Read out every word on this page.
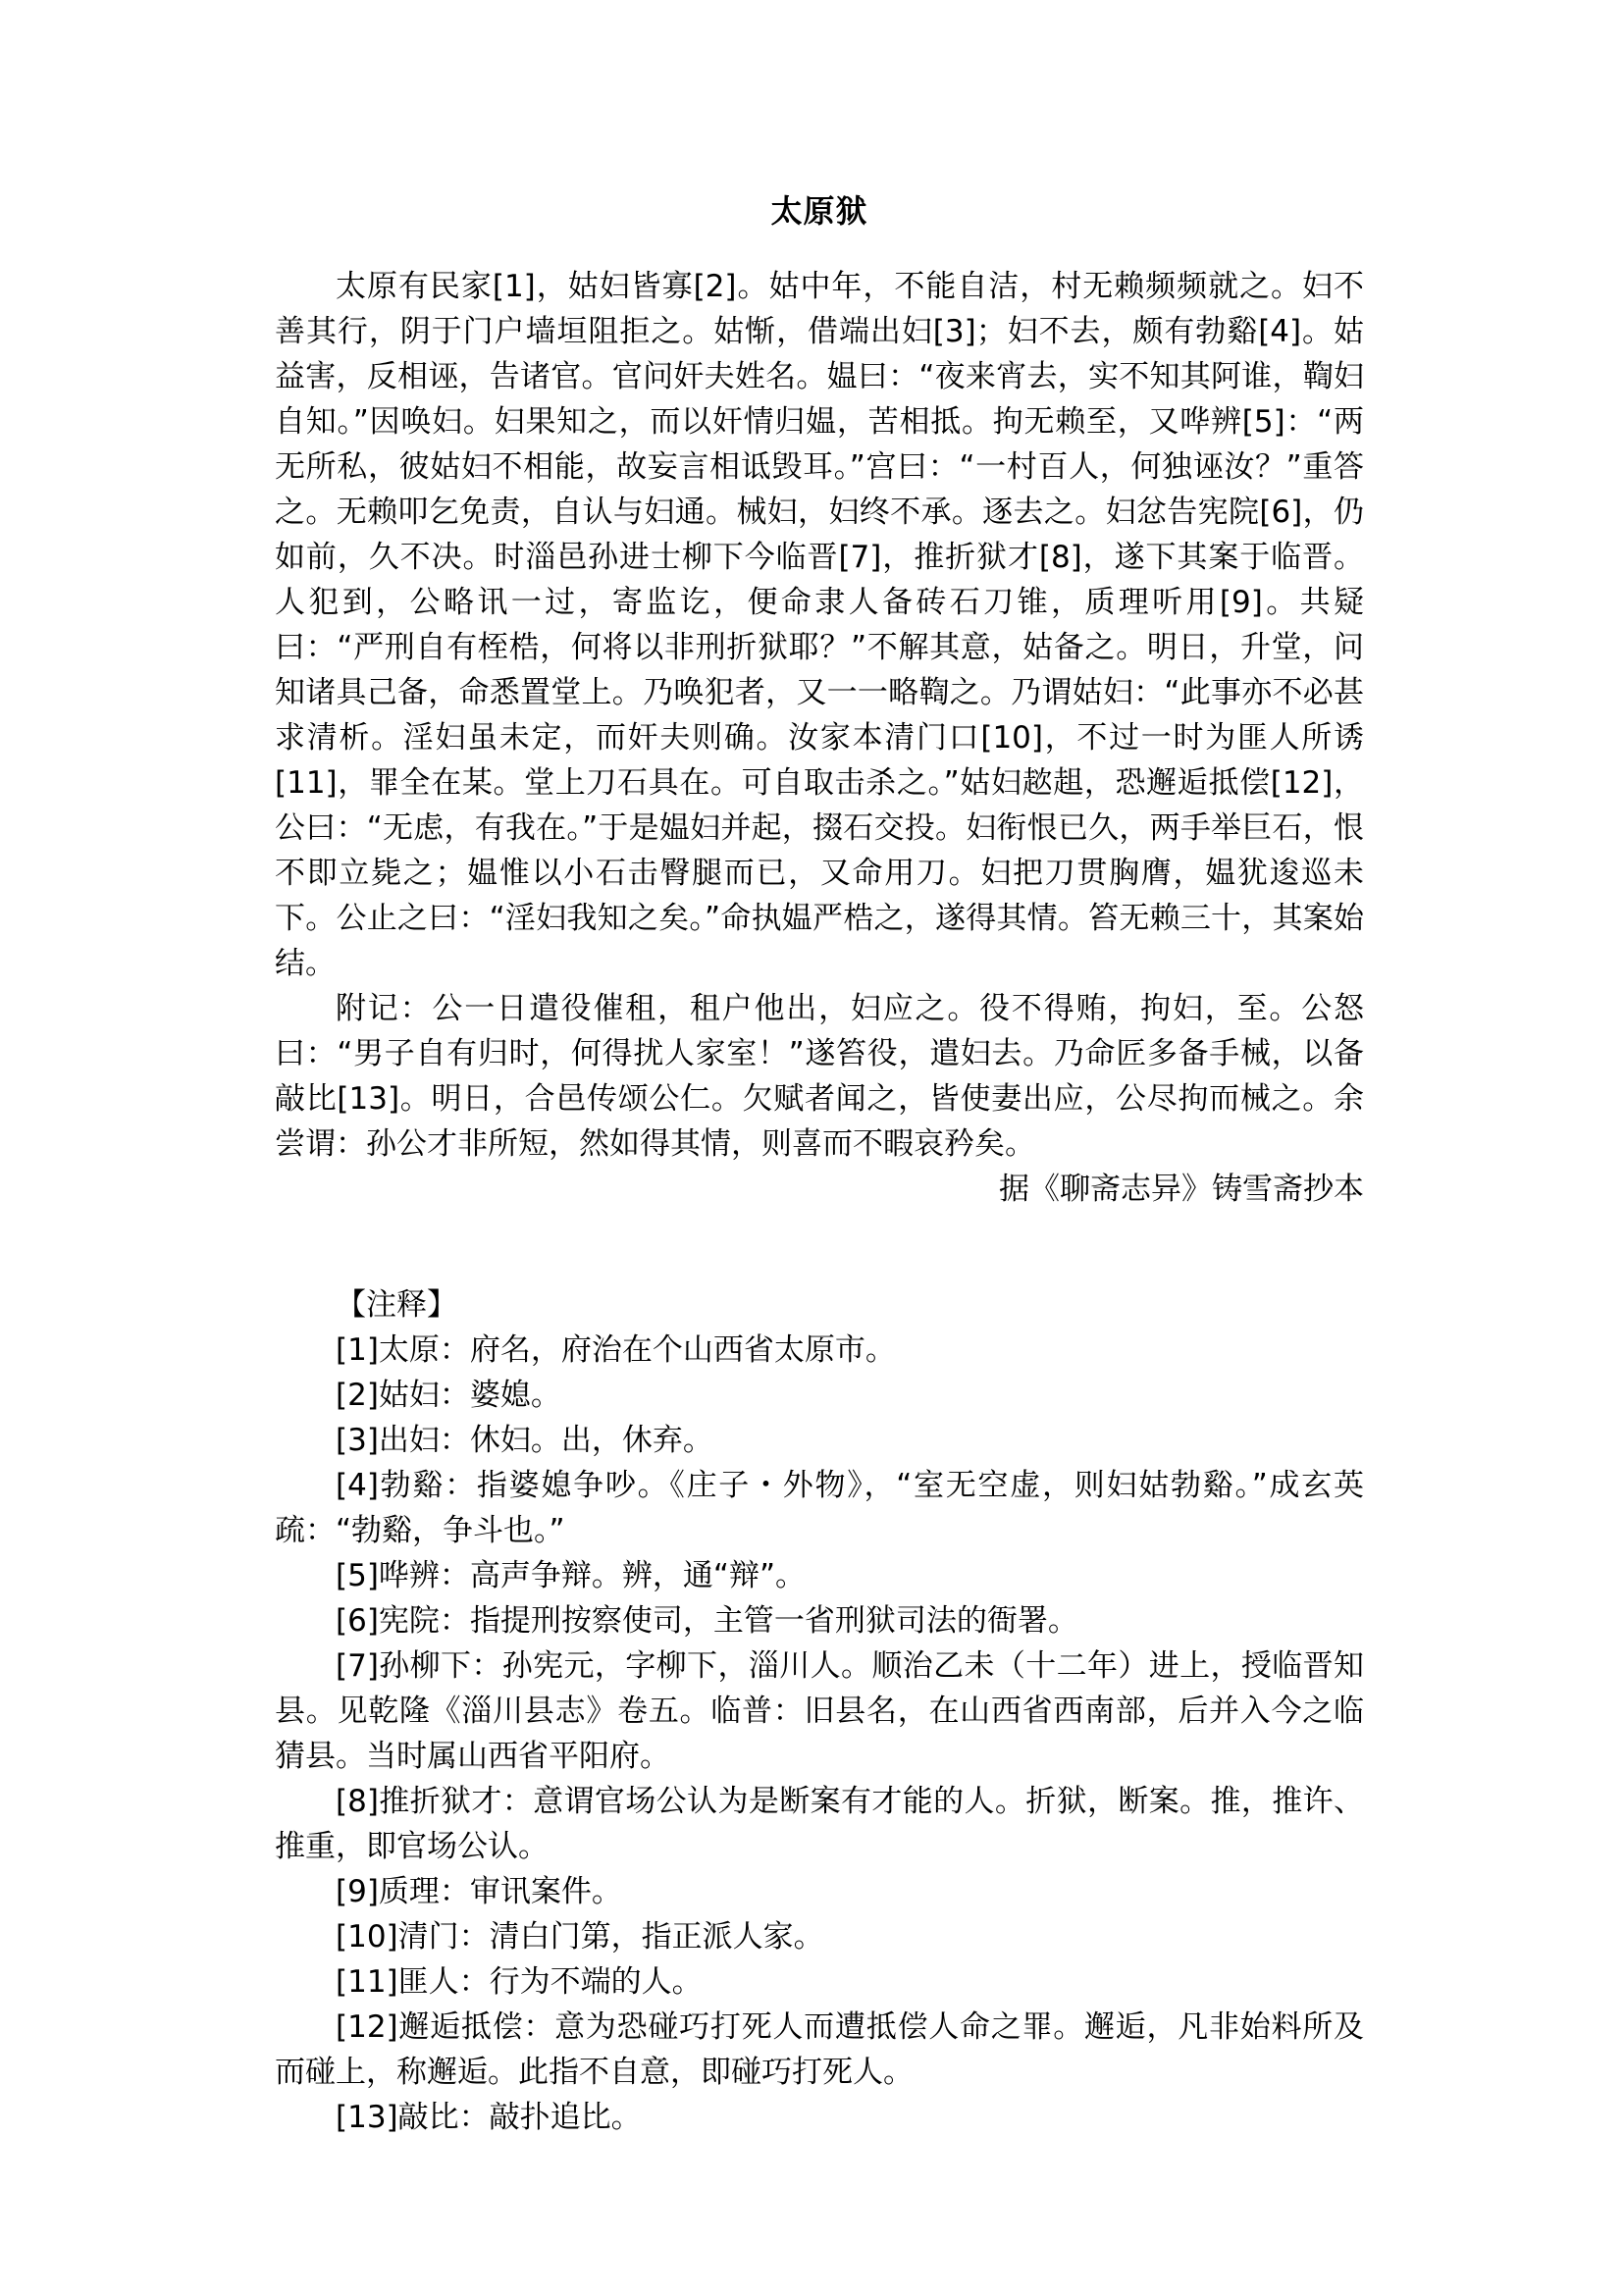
太原狱

太原有民家[1]，姑妇皆寡[2]。姑中年，不能自洁，村无赖频频就之。妇不善其行，阴于门户墙垣阻拒之。姑惭，借端出妇[3]；妇不去，颇有勃谿[4]。姑益害，反相诬，告诸官。官问奸夫姓名。媪曰：“夜来宵去，实不知其阿谁，鞫妇自知。”因唤妇。妇果知之，而以奸情归媪，苦相抵。拘无赖至，又哗辨[5]：“两无所私，彼姑妇不相能，故妄言相诋毁耳。”宫曰：“一村百人，何独诬汝？”重答之。无赖叩乞免责，自认与妇通。械妇，妇终不承。逐去之。妇忿告宪院[6]，仍如前，久不决。时淄邑孙进士柳下今临晋[7]，推折狱才[8]，遂下其案于临晋。人犯到，公略讯一过，寄监讫，便命隶人备砖石刀锥，质理听用[9]。共疑曰：“严刑自有桎梏，何将以非刑折狱耶？”不解其意，姑备之。明日，升堂，问知诸具己备，命悉置堂上。乃唤犯者，又一一略鞫之。乃谓姑妇：“此事亦不必甚求清析。淫妇虽未定，而奸夫则确。汝家本清门口[10]，不过一时为匪人所诱[11]，罪全在某。堂上刀石具在。可自取击杀之。”姑妇趑趄，恐邂逅抵偿[12]，公曰：“无虑，有我在。”于是媪妇并起，掇石交投。妇衔恨已久，两手举巨石，恨不即立毙之；媪惟以小石击臀腿而已，又命用刀。妇把刀贯胸膺，媪犹逡巡未下。公止之曰：“淫妇我知之矣。”命执媪严梏之，遂得其情。笞无赖三十，其案始结。

附记：公一日遣役催租，租户他出，妇应之。役不得贿，拘妇，至。公怒曰：“男子自有归时，何得扰人家室！”遂笞役，遣妇去。乃命匠多备手械，以备敲比[13]。明日，合邑传颂公仁。欠赋者闻之，皆使妻出应，公尽拘而械之。余尝谓：孙公才非所短，然如得其情，则喜而不暇哀矜矣。

据《聊斋志异》铸雪斋抄本

【注释】

[1]太原：府名，府治在个山西省太原市。

[2]姑妇：婆媳。

[3]出妇：休妇。出，休弃。

[4]勃谿：指婆媳争吵。《庄子・外物》，“室无空虚，则妇姑勃谿。”成玄英疏：“勃谿，争斗也。”

[5]哗辨：高声争辩。辨，通“辩”。

[6]宪院：指提刑按察使司，主管一省刑狱司法的衙署。

[7]孙柳下：孙宪元，字柳下，淄川人。顺治乙未（十二年）进上，授临晋知县。见乾隆《淄川县志》卷五。临普：旧县名，在山西省西南部，后并入今之临猜县。当时属山西省平阳府。

[8]推折狱才：意谓官场公认为是断案有才能的人。折狱，断案。推，推许、推重，即官场公认。

[9]质理：审讯案件。

[10]清门：清白门第，指正派人家。

[11]匪人：行为不端的人。

[12]邂逅抵偿：意为恐碰巧打死人而遭抵偿人命之罪。邂逅，凡非始料所及而碰上，称邂逅。此指不自意，即碰巧打死人。

[13]敲比：敲扑追比。
